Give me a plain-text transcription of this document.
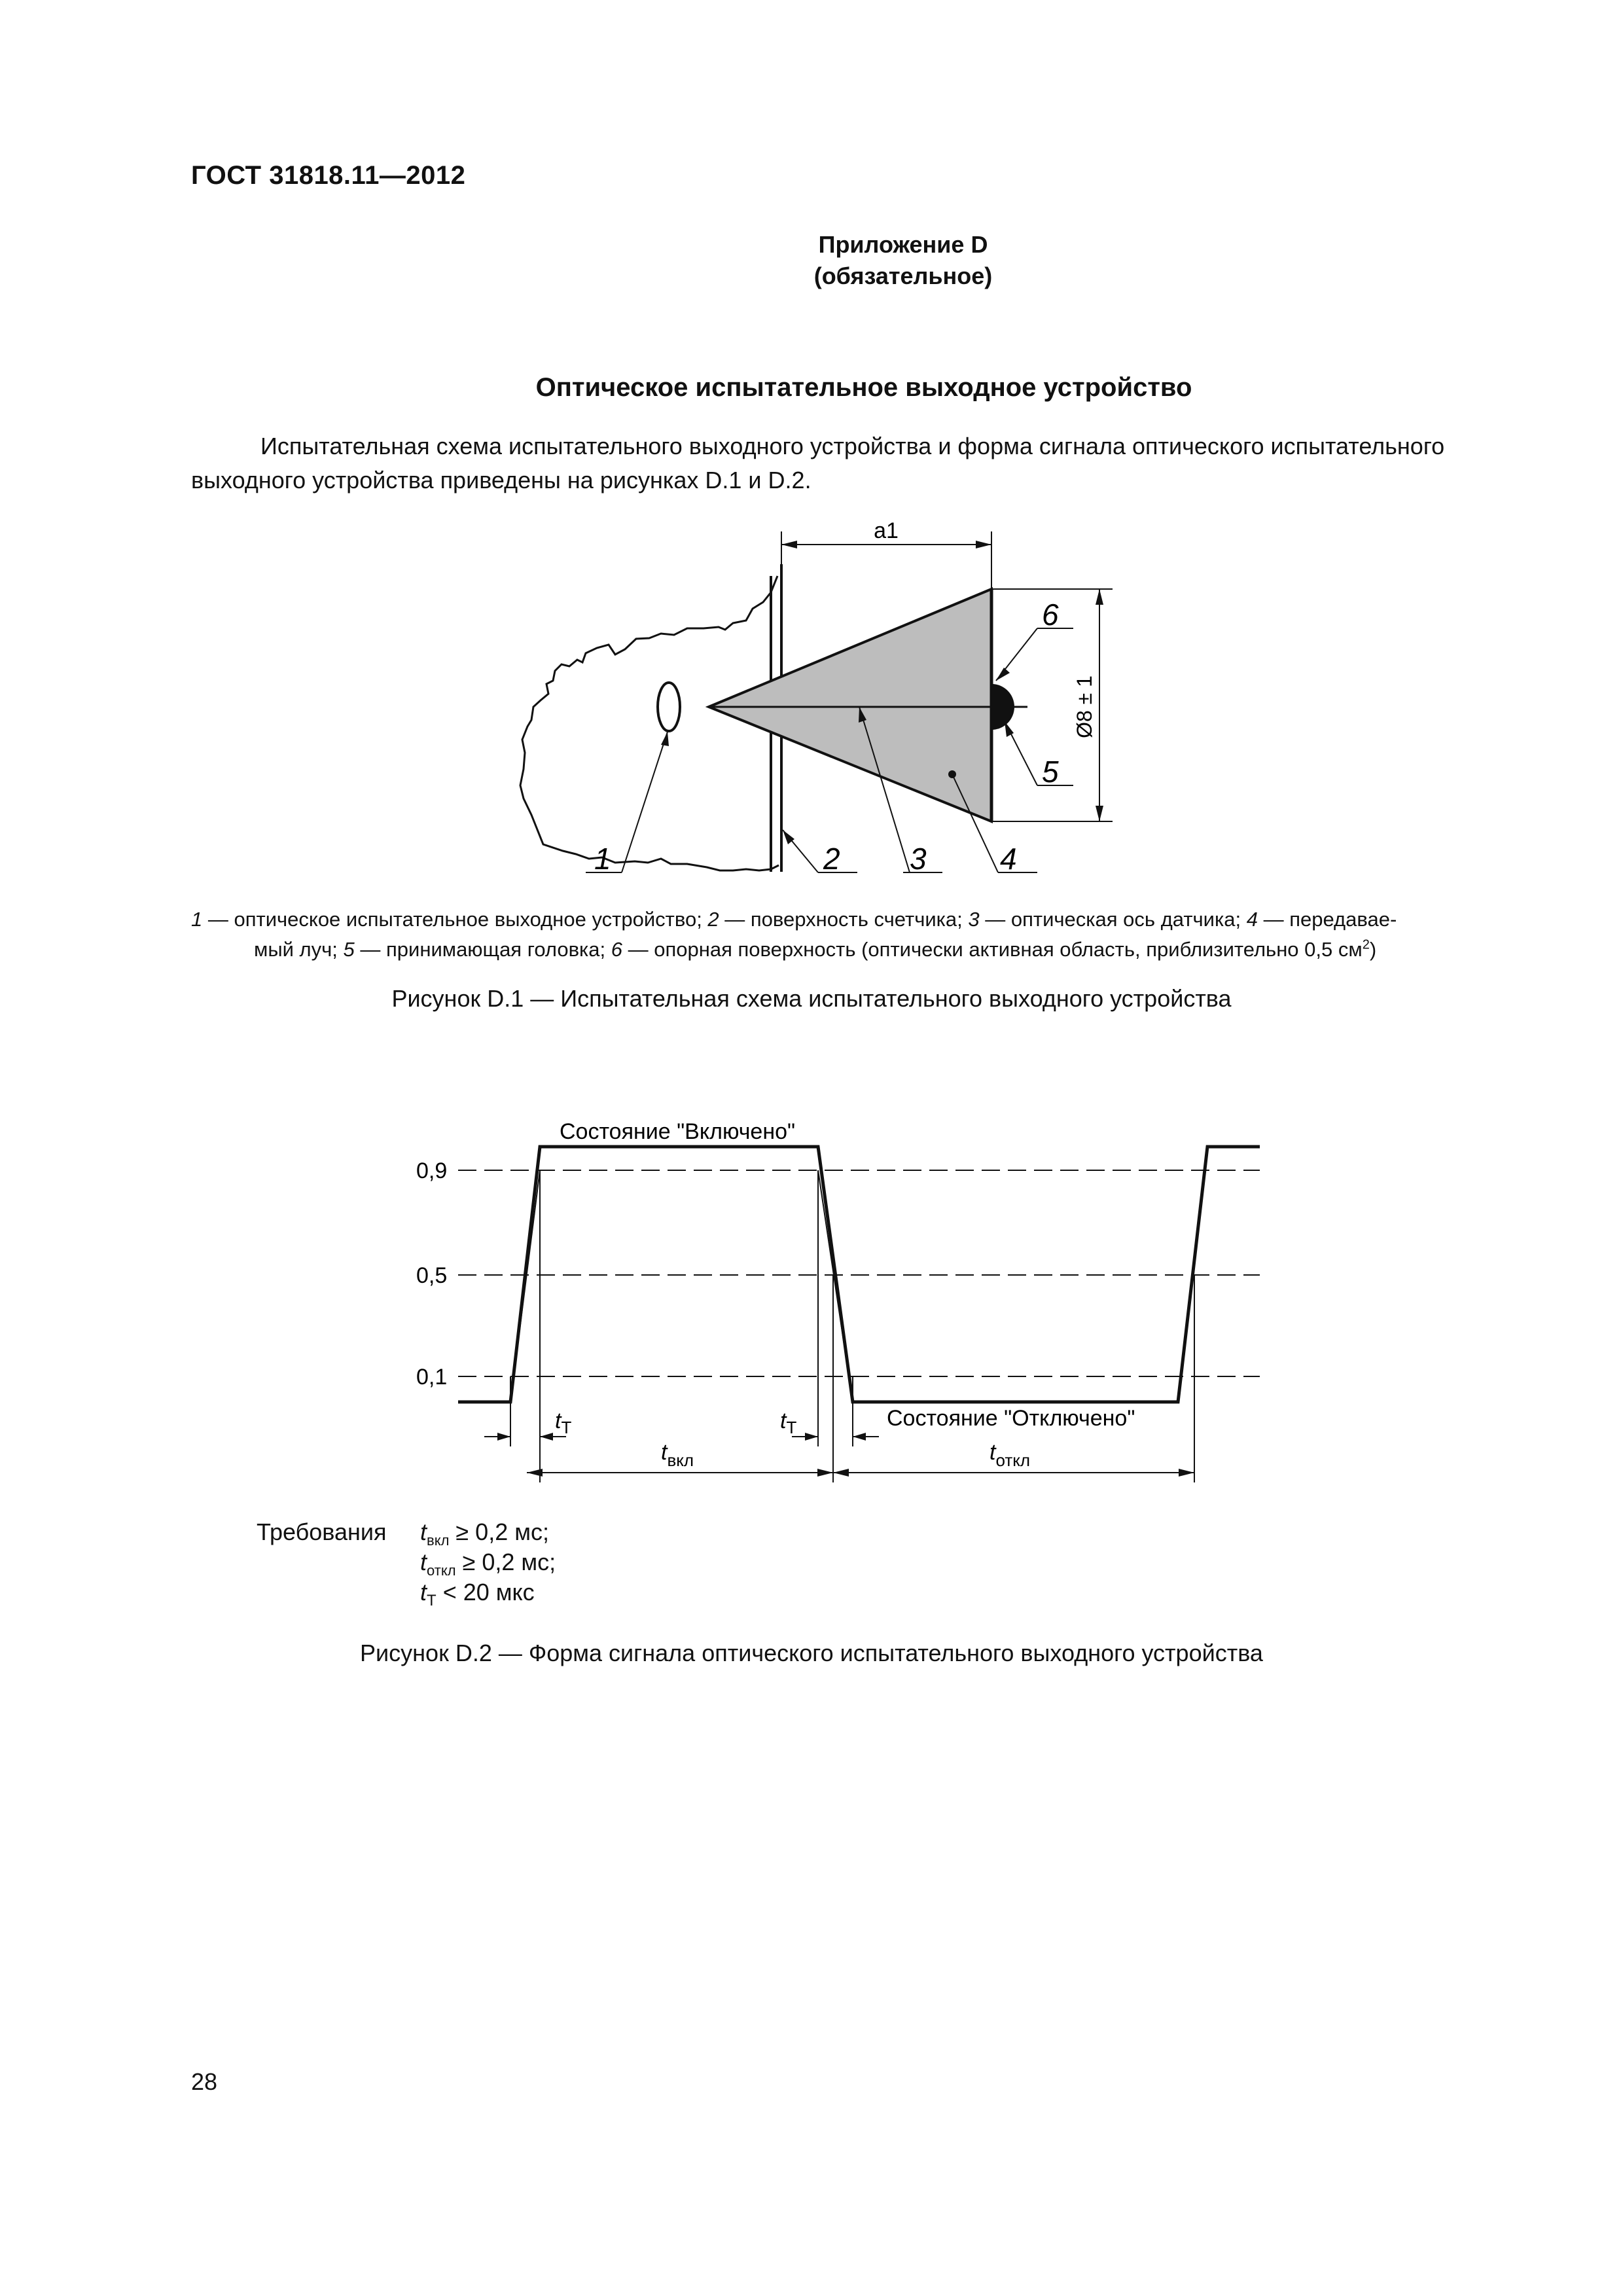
ГОСТ 31818.11—2012
Приложение D
(обязательное)
Оптическое испытательное выходное устройство
Испытательная схема испытательного выходного устройства и форма сигнала оптического испытательного
выходного устройства приведены на рисунках D.1 и D.2.
a1
Ø8 ± 1
1	2 3 4
5
6
1 — оптическое испытательное выходное устройство; 2 — поверхность счетчика; 3 — оптическая ось датчика; 4 — передавае-
мый луч; 5 — принимающая головка; 6 — опорная поверхность (оптически активная область, приблизительно 0,5 $см^2$)
Рисунок D.1 — Испытательная схема испытательного выходного устройства
0,9
0,5
0,1
Состояние "Включено"
Состояние "Отключено"
$t_T$	$t_T$
$t_{вкл}$	$t_{откл}$
Требования $t_{вкл} \ge 0,2$ мс;
$t_{откл} \ge 0,2$ мс;
$t_T < 20$ мкс
Рисунок D.2 — Форма сигнала оптического испытательного выходного устройства
28
